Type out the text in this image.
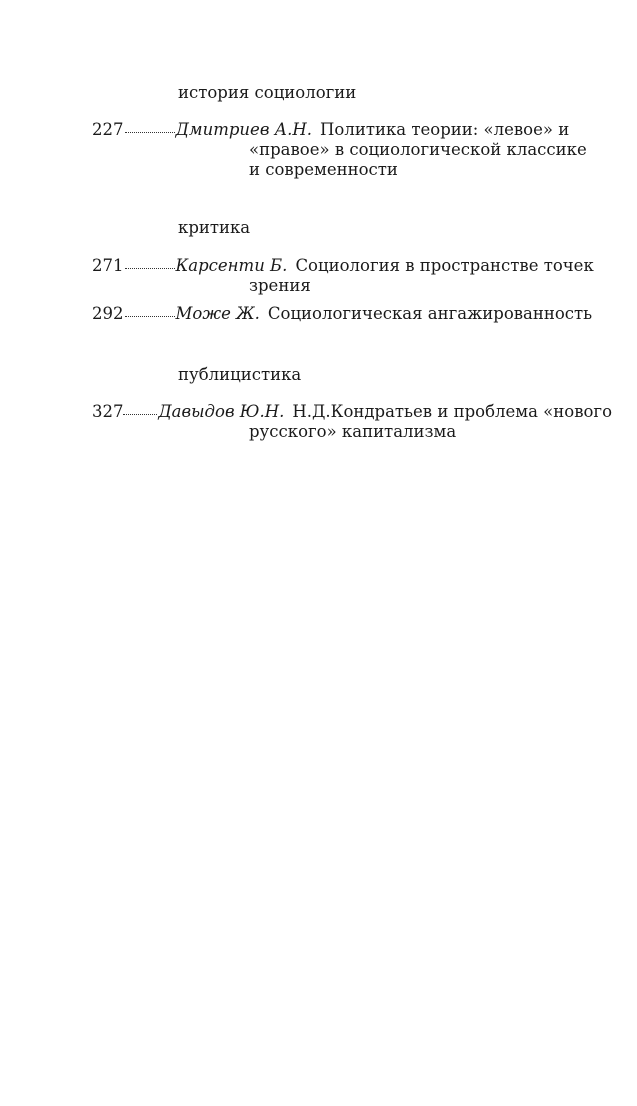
история социологии
227	Дмитриев А.Н. Политика теории: «левое» и
«правое» в социологической классике
и современности
критика
271	Карсенти Б. Социология в пространстве точек
зрения
292	Може Ж. Социологическая ангажированность
публицистика
327 Давыдов Ю.Н. Н.Д.Кондратьев и проблема «нового
русского» капитализма
